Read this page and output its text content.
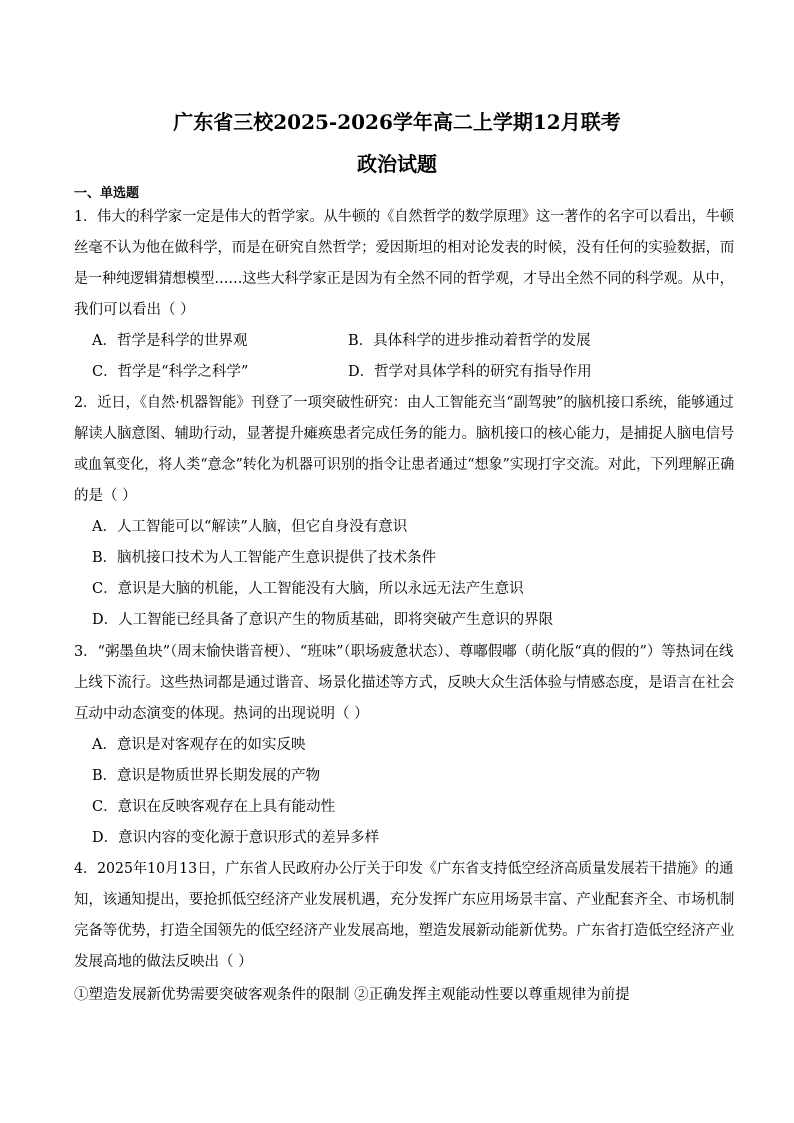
广东省三校2025-2026学年高二上学期12月联考
政治试题
一、单选题
1．伟大的科学家一定是伟大的哲学家。从牛顿的《自然哲学的数学原理》这一著作的名字可以看出，牛顿
丝毫不认为他在做科学，而是在研究自然哲学；爱因斯坦的相对论发表的时候，没有任何的实验数据，而
是一种纯逻辑猜想模型……这些大科学家正是因为有全然不同的哲学观，才导出全然不同的科学观。从中，
我们可以看出（ ）
A．哲学是科学的世界观	B．具体科学的进步推动着哲学的发展
C．哲学是“科学之科学”	D．哲学对具体学科的研究有指导作用
2．近日，《自然·机器智能》刊登了一项突破性研究：由人工智能充当“副驾驶”的脑机接口系统，能够通过
解读人脑意图、辅助行动，显著提升瘫痪患者完成任务的能力。脑机接口的核心能力，是捕捉人脑电信号
或血氧变化，将人类“意念”转化为机器可识别的指令让患者通过“想象”实现打字交流。对此，下列理解正确
的是（ ）
A．人工智能可以“解读”人脑，但它自身没有意识
B．脑机接口技术为人工智能产生意识提供了技术条件
C．意识是大脑的机能，人工智能没有大脑，所以永远无法产生意识
D．人工智能已经具备了意识产生的物质基础，即将突破产生意识的界限
3．“粥墨鱼块”（周末愉快谐音梗）、“班味”（职场疲惫状态）、尊嘟假嘟（萌化版“真的假的”）等热词在线
上线下流行。这些热词都是通过谐音、场景化描述等方式，反映大众生活体验与情感态度，是语言在社会
互动中动态演变的体现。热词的出现说明（ ）
A．意识是对客观存在的如实反映
B．意识是物质世界长期发展的产物
C．意识在反映客观存在上具有能动性
D．意识内容的变化源于意识形式的差异多样
4．2025年10月13日，广东省人民政府办公厅关于印发《广东省支持低空经济高质量发展若干措施》的通
知，该通知提出，要抢抓低空经济产业发展机遇，充分发挥广东应用场景丰富、产业配套齐全、市场机制
完备等优势，打造全国领先的低空经济产业发展高地，塑造发展新动能新优势。广东省打造低空经济产业
发展高地的做法反映出（ ）
①塑造发展新优势需要突破客观条件的限制 ②正确发挥主观能动性要以尊重规律为前提
